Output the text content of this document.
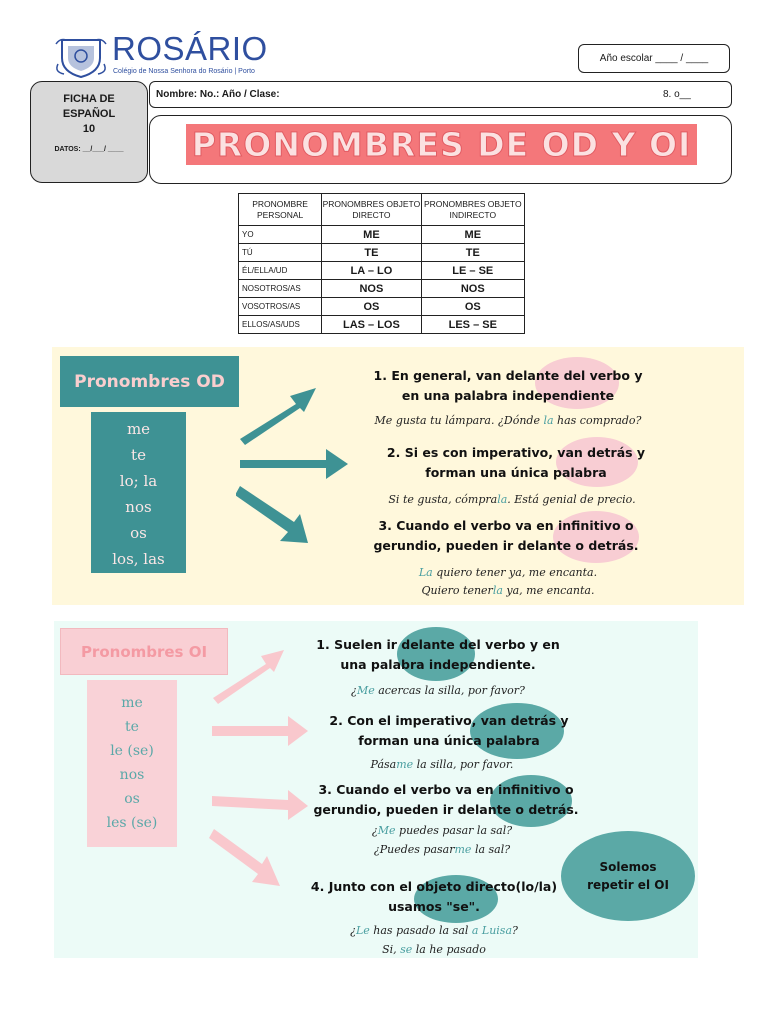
ROSÁRIO
Colégio de Nossa Senhora do Rosário | Porto
Año escolar ____ / ____
FICHA DE
ESPAÑOL
10
DATOS: __/___/ ____
Nombre: No.: Año / Clase:	8. o__
PRONOMBRES DE OD Y OI
PRONOMBRE PERSONAL	PRONOMBRES OBJETO DIRECTO	PRONOMBRES OBJETO INDIRECTO
YO	ME	ME
TÚ	TE	TE
ÉL/ELLA/UD	LA – LO	LE – SE
NOSOTROS/AS	NOS	NOS
VOSOTROS/AS	OS	OS
ELLOS/AS/UDS	LAS – LOS	LES – SE
Pronombres OD
me
te
lo; la
nos
os
los, las
1. En general, van delante del verbo y en una palabra independiente
Me gusta tu lámpara. ¿Dónde la has comprado?
2. Si es con imperativo, van detrás y forman una única palabra
Si te gusta, cómprala. Está genial de precio.
3. Cuando el verbo va en infinitivo o gerundio, pueden ir delante o detrás.
La quiero tener ya, me encanta.
Quiero tenerla ya, me encanta.
Pronombres OI
me
te
le (se)
nos
os
les (se)
1. Suelen ir delante del verbo y en una palabra independiente.
¿Me acercas la silla, por favor?
2. Con el imperativo, van detrás y forman una única palabra
Pásame la silla, por favor.
3. Cuando el verbo va en infinitivo o gerundio, pueden ir delante o detrás.
¿Me puedes pasar la sal?
¿Puedes pasarme la sal?
4. Junto con el objeto directo(lo/la) usamos "se".
¿Le has pasado la sal a Luisa?
Si, se la he pasado
Solemos repetir el OI
